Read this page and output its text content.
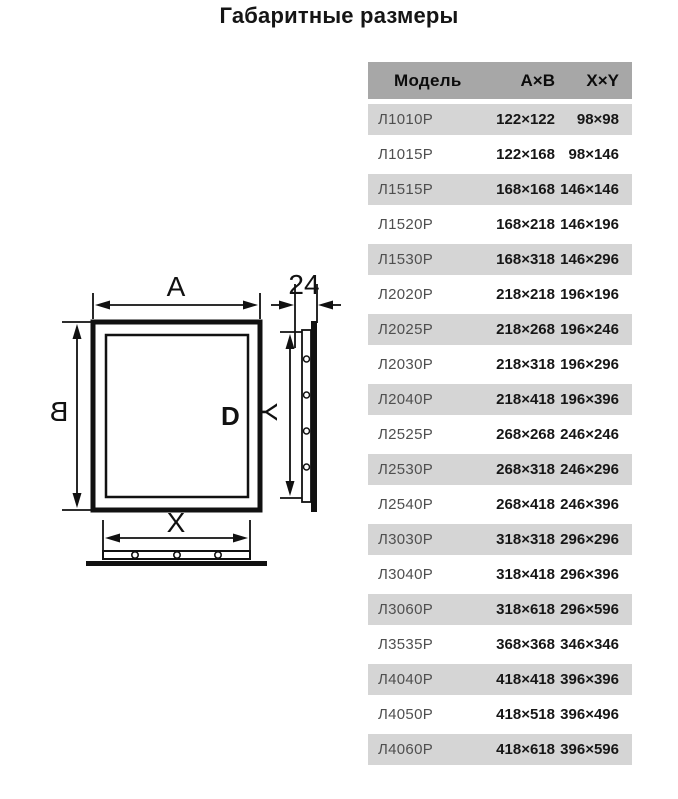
Габаритные размеры
D
A
B
X
24
Y
Модель	A×B	X×Y
Л1010Р	122×122	98×98
Л1015Р	122×168 98×146
Л1515Р	168×168 146×146
Л1520Р	168×218 146×196
Л1530Р	168×318 146×296
Л2020Р	218×218 196×196
Л2025Р	218×268 196×246
Л2030Р	218×318 196×296
Л2040Р	218×418 196×396
Л2525Р	268×268 246×246
Л2530Р	268×318 246×296
Л2540Р	268×418 246×396
Л3030Р	318×318 296×296
Л3040Р	318×418 296×396
Л3060Р	318×618 296×596
Л3535Р	368×368 346×346
Л4040Р	418×418 396×396
Л4050Р	418×518 396×496
Л4060Р	418×618 396×596
